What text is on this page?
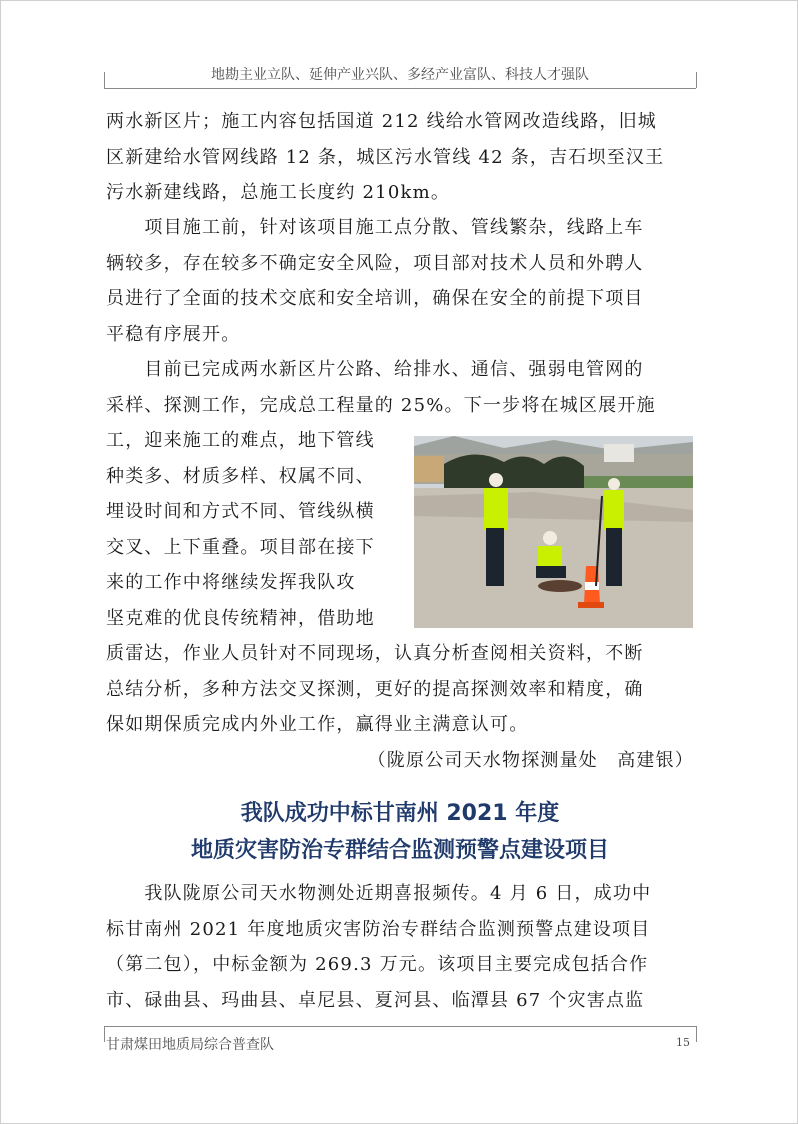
地勘主业立队、延伸产业兴队、多经产业富队、科技人才强队
两水新区片；施工内容包括国道 212 线给水管网改造线路，旧城
区新建给水管网线路 12 条，城区污水管线 42 条，吉石坝至汉王
污水新建线路，总施工长度约 210km。
　　项目施工前，针对该项目施工点分散、管线繁杂，线路上车
辆较多，存在较多不确定安全风险，项目部对技术人员和外聘人
员进行了全面的技术交底和安全培训，确保在安全的前提下项目
平稳有序展开。
　　目前已完成两水新区片公路、给排水、通信、强弱电管网的
采样、探测工作，完成总工程量的 25%。下一步将在城区展开施
工，迎来施工的难点，地下管线
种类多、材质多样、权属不同、
埋设时间和方式不同、管线纵横
交叉、上下重叠。项目部在接下
来的工作中将继续发挥我队攻
坚克难的优良传统精神，借助地
质雷达，作业人员针对不同现场，认真分析查阅相关资料，不断
总结分析，多种方法交叉探测，更好的提高探测效率和精度，确
保如期保质完成内外业工作，赢得业主满意认可。
（陇原公司天水物探测量处　高建银）
我队成功中标甘南州 2021 年度
地质灾害防治专群结合监测预警点建设项目
　　我队陇原公司天水物测处近期喜报频传。4 月 6 日，成功中
标甘南州 2021 年度地质灾害防治专群结合监测预警点建设项目
（第二包），中标金额为 269.3 万元。该项目主要完成包括合作
市、碌曲县、玛曲县、卓尼县、夏河县、临潭县 67 个灾害点监
甘肃煤田地质局综合普查队	15
